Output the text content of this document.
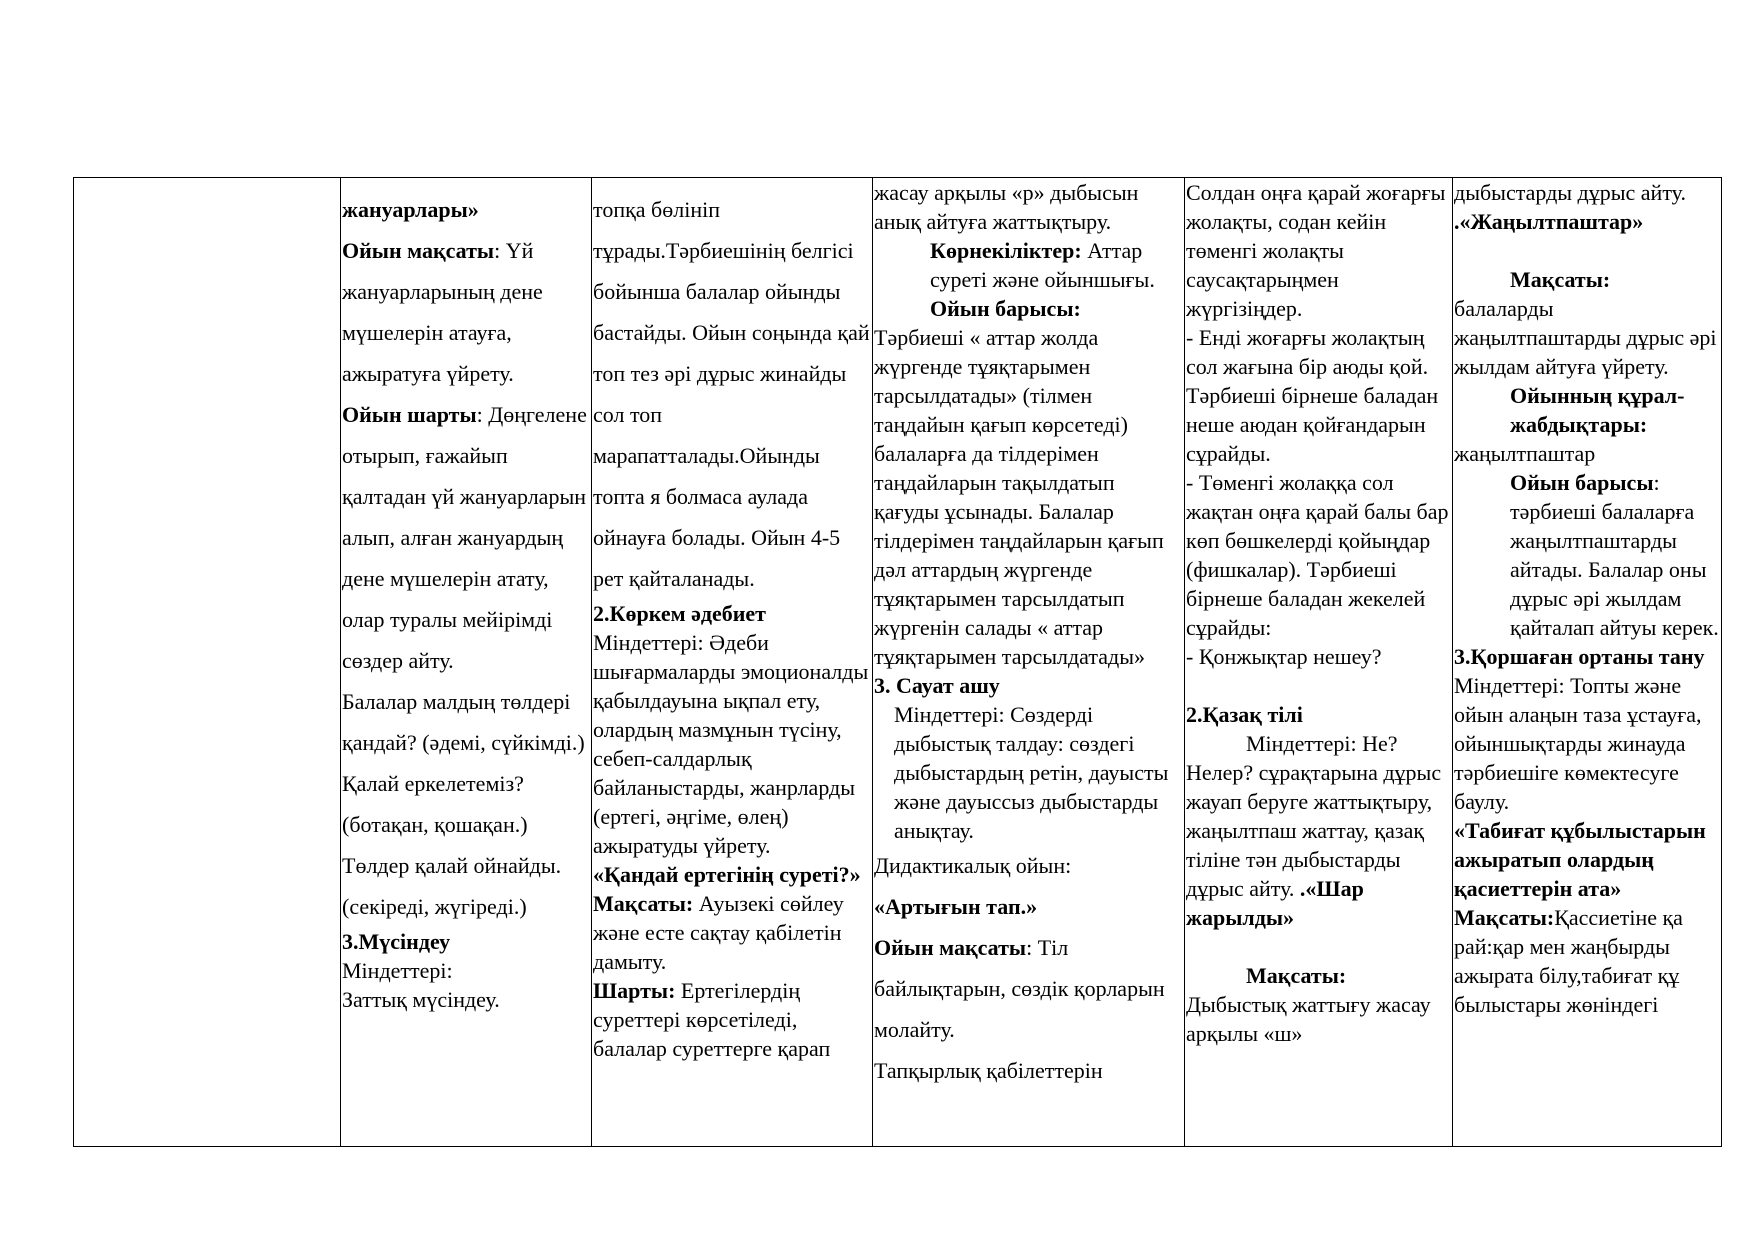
жануарлары»

Ойын мақсаты: Үй жануарларының дене мүшелерін атауға, ажыратуға үйрету.

Ойын шарты: Дөңгелене отырып, ғажайып қалтадан үй жануарларын алып, алған жануардың дене мүшелерін атату, олар туралы мейірімді сөздер айту.

Балалар малдың төлдері қандай? (әдемі, сүйкімді.)

Қалай еркелетеміз? (ботақан, қошақан.)

Төлдер қалай ойнайды. (секіреді, жүгіреді.)

3.Мүсіндеу

Міндеттері:

Заттық мүсіндеу.

топқа бөлініп тұрады.Тәрбиешінің белгісі бойынша балалар ойынды бастайды. Ойын соңында қай топ тез әрі дұрыс жинайды сол топ марапатталады.Ойынды топта я болмаса аулада ойнауға болады. Ойын 4-5 рет қайталанады.

2.Көркем әдебиет

Міндеттері: Әдеби шығармаларды эмоционалды қабылдауына ықпал ету, олардың мазмұнын түсіну, себеп-салдарлық байланыстарды, жанрларды (ертегі, әңгіме, өлең) ажыратуды үйрету.

«Қандай ертегінің суреті?»

Мақсаты: Ауызекі сөйлеу және есте сақтау қабілетін дамыту.

Шарты: Ертегілердің суреттері көрсетіледі, балалар суреттерге қарап

жасау арқылы «р» дыбысын анық айтуға жаттықтыру.

Көрнекіліктер: Аттар суреті және ойыншығы.

Ойын барысы:

Тәрбиеші « аттар жолда жүргенде тұяқтарымен тарсылдатады» (тілмен таңдайын қағып көрсетеді) балаларға да тілдерімен таңдайларын тақылдатып қағуды ұсынады. Балалар тілдерімен таңдайларын қағып дәл аттардың жүргенде тұяқтарымен тарсылдатып жүргенін салады « аттар тұяқтарымен тарсылдатады»

3. Сауат ашу

Міндеттері: Сөздерді дыбыстық талдау: сөздегі дыбыстардың ретін, дауысты және дауыссыз дыбыстарды анықтау.

Дидактикалық ойын:

«Артығын тап.»

Ойын мақсаты: Тіл байлықтарын, сөздік қорларын молайту.

Тапқырлық қабілеттерін

Солдан оңға қарай жоғарғы жолақты, содан кейін төменгі жолақты саусақтарыңмен жүргізіңдер.

- Енді жоғарғы жолақтың сол жағына бір аюды қой. Тәрбиеші бірнеше баладан неше аюдан қойғандарын сұрайды.

- Төменгі жолаққа сол жақтан оңға қарай балы бар көп бөшкелерді қойыңдар (фишкалар). Тәрбиеші бірнеше баладан жекелей сұрайды:

- Қонжықтар нешеу?

2.Қазақ тілі

Міндеттері: Не? Нелер? сұрақтарына дұрыс жауап беруге жаттықтыру, жаңылтпаш жаттау, қазақ тіліне тән дыбыстарды дұрыс айту. .«Шар жарылды»

Мақсаты:

Дыбыстық жаттығу жасау арқылы «ш»

дыбыстарды дұрыс айту.

.«Жаңылтпаштар»

Мақсаты:

балаларды жаңылтпаштарды дұрыс әрі жылдам айтуға үйрету.

Ойынның құрал-жабдықтары:

жаңылтпаштар

Ойын барысы: тәрбиеші балаларға жаңылтпаштарды айтады. Балалар оны дұрыс әрі жылдам қайталап айтуы керек.

3.Қоршаған ортаны тану

Міндеттері: Топты және ойын алаңын таза ұстауға, ойыншықтарды жинауда тәрбиешіге көмектесуге баулу.

«Табиғат құбылыстарын ажыратып олардың қасиеттерін ата»

Мақсаты:Қассиетіне қа рай:қар мен жаңбырды ажырата білу,табиғат құ былыстары жөніндегі
